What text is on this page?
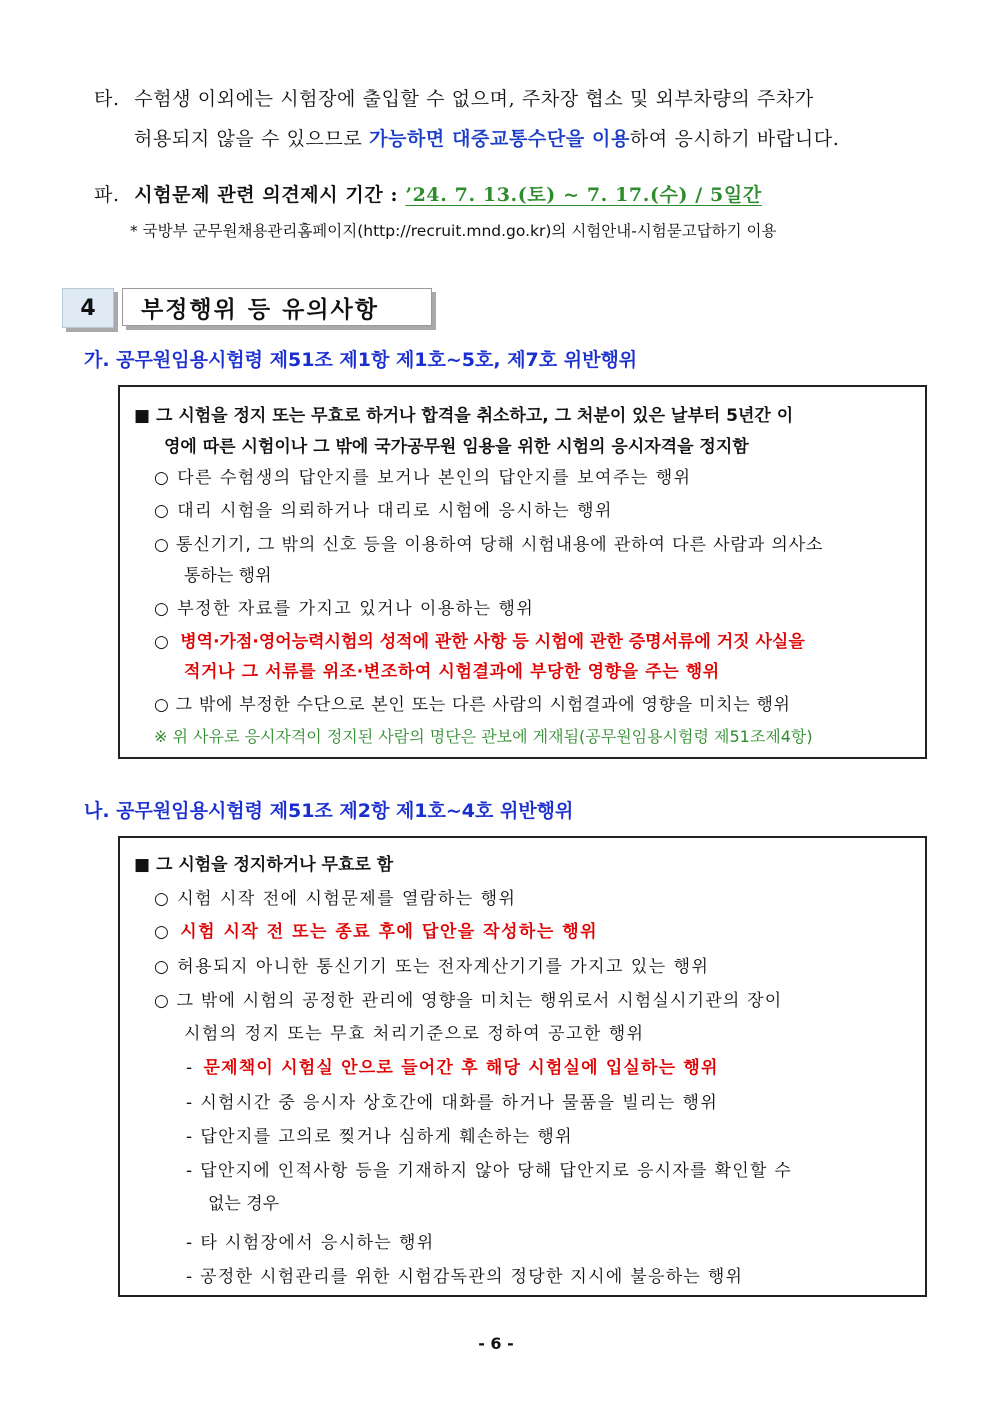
타. 수험생 이외에는 시험장에 출입할 수 없으며, 주차장 협소 및 외부차량의 주차가
허용되지 않을 수 있으므로 가능하면 대중교통수단을 이용하여 응시하기 바랍니다.
파. 시험문제 관련 의견제시 기간 : ’24. 7. 13.(토) ~ 7. 17.(수) / 5일간
* 국방부 군무원채용관리홈페이지(http://recruit.mnd.go.kr)의 시험안내-시험묻고답하기 이용
4	부정행위 등 유의사항
가. 공무원임용시험령 제51조 제1항 제1호~5호, 제7호 위반행위
■ 그 시험을 정지 또는 무효로 하거나 합격을 취소하고, 그 처분이 있은 날부터 5년간 이
영에 따른 시험이나 그 밖에 국가공무원 임용을 위한 시험의 응시자격을 정지함
○ 다른 수험생의 답안지를 보거나 본인의 답안지를 보여주는 행위
○ 대리 시험을 의뢰하거나 대리로 시험에 응시하는 행위
○ 통신기기, 그 밖의 신호 등을 이용하여 당해 시험내용에 관하여 다른 사람과 의사소
통하는 행위
○ 부정한 자료를 가지고 있거나 이용하는 행위
○ 병역·가점·영어능력시험의 성적에 관한 사항 등 시험에 관한 증명서류에 거짓 사실을
적거나 그 서류를 위조·변조하여 시험결과에 부당한 영향을 주는 행위
○ 그 밖에 부정한 수단으로 본인 또는 다른 사람의 시험결과에 영향을 미치는 행위
※ 위 사유로 응시자격이 정지된 사람의 명단은 관보에 게재됨(공무원임용시험령 제51조제4항)
나. 공무원임용시험령 제51조 제2항 제1호~4호 위반행위
■ 그 시험을 정지하거나 무효로 함
○ 시험 시작 전에 시험문제를 열람하는 행위
○ 시험 시작 전 또는 종료 후에 답안을 작성하는 행위
○ 허용되지 아니한 통신기기 또는 전자계산기기를 가지고 있는 행위
○ 그 밖에 시험의 공정한 관리에 영향을 미치는 행위로서 시험실시기관의 장이
시험의 정지 또는 무효 처리기준으로 정하여 공고한 행위
- 문제책이 시험실 안으로 들어간 후 해당 시험실에 입실하는 행위
- 시험시간 중 응시자 상호간에 대화를 하거나 물품을 빌리는 행위
- 답안지를 고의로 찢거나 심하게 훼손하는 행위
- 답안지에 인적사항 등을 기재하지 않아 당해 답안지로 응시자를 확인할 수
없는 경우
- 타 시험장에서 응시하는 행위
- 공정한 시험관리를 위한 시험감독관의 정당한 지시에 불응하는 행위
- 6 -
